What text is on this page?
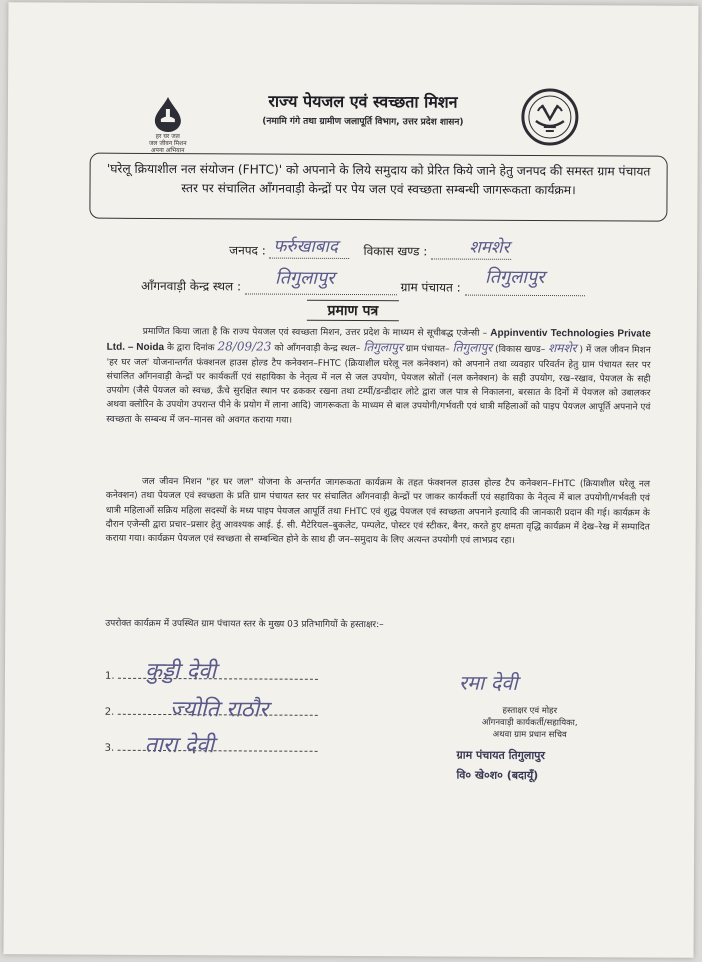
हर घर जल
जल जीवन मिशन
अपना अभियान
राज्य पेयजल एवं स्वच्छता मिशन
(नमामि गंगे तथा ग्रामीण जलापूर्ति विभाग, उत्तर प्रदेश शासन)
'घरेलू क्रियाशील नल संयोजन (FHTC)' को अपनाने के लिये समुदाय को प्रेरित किये जाने हेतु जनपद की समस्त ग्राम पंचायत स्तर पर संचालित आँगनवाड़ी केन्द्रों पर पेय जल एवं स्वच्छता सम्बन्धी जागरूकता कार्यक्रम।
जनपद :	विकास खण्ड :
फर्रुखाबाद	शमशेर
आँगनवाड़ी केन्द्र स्थल :	ग्राम पंचायत :
तिगुलापुर	तिगुलापुर
प्रमाण पत्र
प्रमाणित किया जाता है कि राज्य पेयजल एवं स्वच्छता मिशन, उत्तर प्रदेश के माध्यम से सूचीबद्ध एजेन्सी – Appinventiv Technologies Private Ltd. – Noida के द्वारा दिनांक 28/09/23 को आँगनवाड़ी केन्द्र स्थल– तिगुलापुर ग्राम पंचायत– तिगुलापुर (विकास खण्ड– शमशेर ) में जल जीवन मिशन 'हर घर जल' योजनान्तर्गत फंक्शनल हाउस होल्ड टैप कनेक्शन–FHTC (क्रियाशील घरेलू नल कनेक्शन) को अपनाने तथा व्यवहार परिवर्तन हेतु ग्राम पंचायत स्तर पर संचालित आँगनवाड़ी केन्द्रों पर कार्यकर्ती एवं सहायिका के नेतृत्व में नल से जल उपयोग, पेयजल स्रोतों (नल कनेक्शन) के सही उपयोग, रख–रखाव, पेयजल के सही उपयोग (जैसे पेयजल को स्वच्छ, ऊँचे सुरक्षित स्थान पर ढककर रखना तथा टर्म्पी/डन्डीदार लोटे द्वारा जल पात्र से निकालना, बरसात के दिनों में पेयजल को उबालकर अथवा क्लोरिन के उपयोग उपरान्त पीने के प्रयोग में लाना आदि) जागरूकता के माध्यम से बाल उपयोगी/गर्भवती एवं धात्री महिलाओं को पाइप पेयजल आपूर्ति अपनाने एवं स्वच्छता के सम्बन्ध में जन–मानस को अवगत कराया गया।
जल जीवन मिशन "हर घर जल" योजना के अन्तर्गत जागरूकता कार्यक्रम के तहत फंक्शनल हाउस होल्ड टैप कनेक्शन–FHTC (क्रियाशील घरेलू नल कनेक्शन) तथा पेयजल एवं स्वच्छता के प्रति ग्राम पंचायत स्तर पर संचालित आँगनवाड़ी केन्द्रों पर जाकर कार्यकर्ती एवं सहायिका के नेतृत्व में बाल उपयोगी/गर्भवती एवं धात्री महिलाओं सक्रिय महिला सदस्यों के मध्य पाइप पेयजल आपूर्ति तथा FHTC एवं शुद्ध पेयजल एवं स्वच्छता अपनाने इत्यादि की जानकारी प्रदान की गई। कार्यक्रम के दौरान एजेन्सी द्वारा प्रचार–प्रसार हेतु आवश्यक आई. ई. सी. मैटेरियल–बुकलेट, पम्पलेट, पोस्टर एवं स्टीकर, बैनर, करते हुए क्षमता वृद्धि कार्यक्रम में देख–रेख में सम्पादित कराया गया। कार्यक्रम पेयजल एवं स्वच्छता से सम्बन्धित होने के साथ ही जन–समुदाय के लिए अत्यन्त उपयोगी एवं लाभप्रद रहा।
उपरोक्त कार्यक्रम में उपस्थित ग्राम पंचायत स्तर के मुख्य 03 प्रतिभागियों के हस्ताक्षर:–
1.
2.
3.
कुड्डी देवी
ज्योति राठौर
तारा देवी
रमा देवी
हस्ताक्षर एवं मोहर
आँगनवाड़ी कार्यकर्ती/सहायिका,
अथवा ग्राम प्रधान सचिव
ग्राम पंचायत तिगुलापुर
वि० खे०श० (बदायूँ)
